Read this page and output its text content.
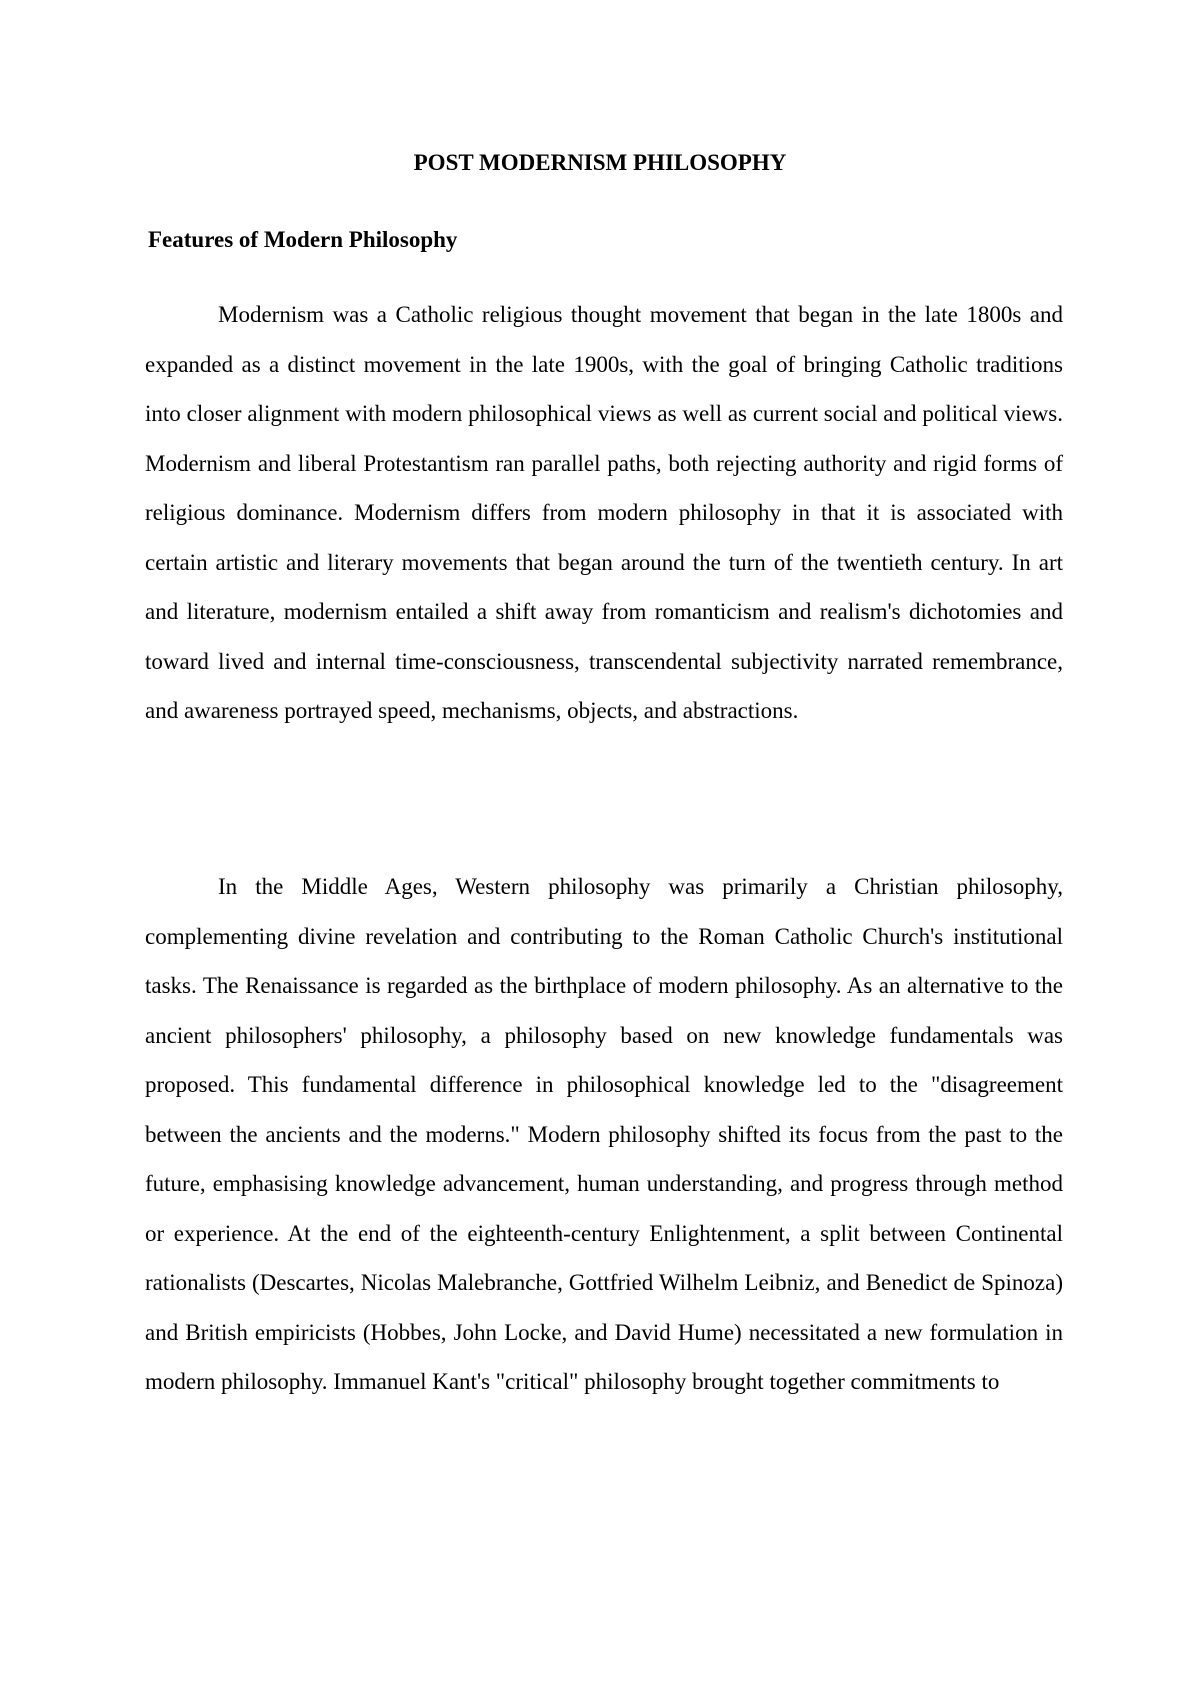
POST MODERNISM PHILOSOPHY
Features of Modern Philosophy

Modernism was a Catholic religious thought movement that began in the late 1800s and expanded as a distinct movement in the late 1900s, with the goal of bringing Catholic traditions into closer alignment with modern philosophical views as well as current social and political views. Modernism and liberal Protestantism ran parallel paths, both rejecting authority and rigid forms of religious dominance. Modernism differs from modern philosophy in that it is associated with certain artistic and literary movements that began around the turn of the twentieth century. In art and literature, modernism entailed a shift away from romanticism and realism's dichotomies and toward lived and internal time-consciousness, transcendental subjectivity narrated remembrance, and awareness portrayed speed, mechanisms, objects, and abstractions.

In the Middle Ages, Western philosophy was primarily a Christian philosophy, complementing divine revelation and contributing to the Roman Catholic Church's institutional tasks. The Renaissance is regarded as the birthplace of modern philosophy. As an alternative to the ancient philosophers' philosophy, a philosophy based on new knowledge fundamentals was proposed. This fundamental difference in philosophical knowledge led to the "disagreement between the ancients and the moderns." Modern philosophy shifted its focus from the past to the future, emphasising knowledge advancement, human understanding, and progress through method or experience. At the end of the eighteenth-century Enlightenment, a split between Continental rationalists (Descartes, Nicolas Malebranche, Gottfried Wilhelm Leibniz, and Benedict de Spinoza) and British empiricists (Hobbes, John Locke, and David Hume) necessitated a new formulation in modern philosophy. Immanuel Kant's "critical" philosophy brought together commitments to
